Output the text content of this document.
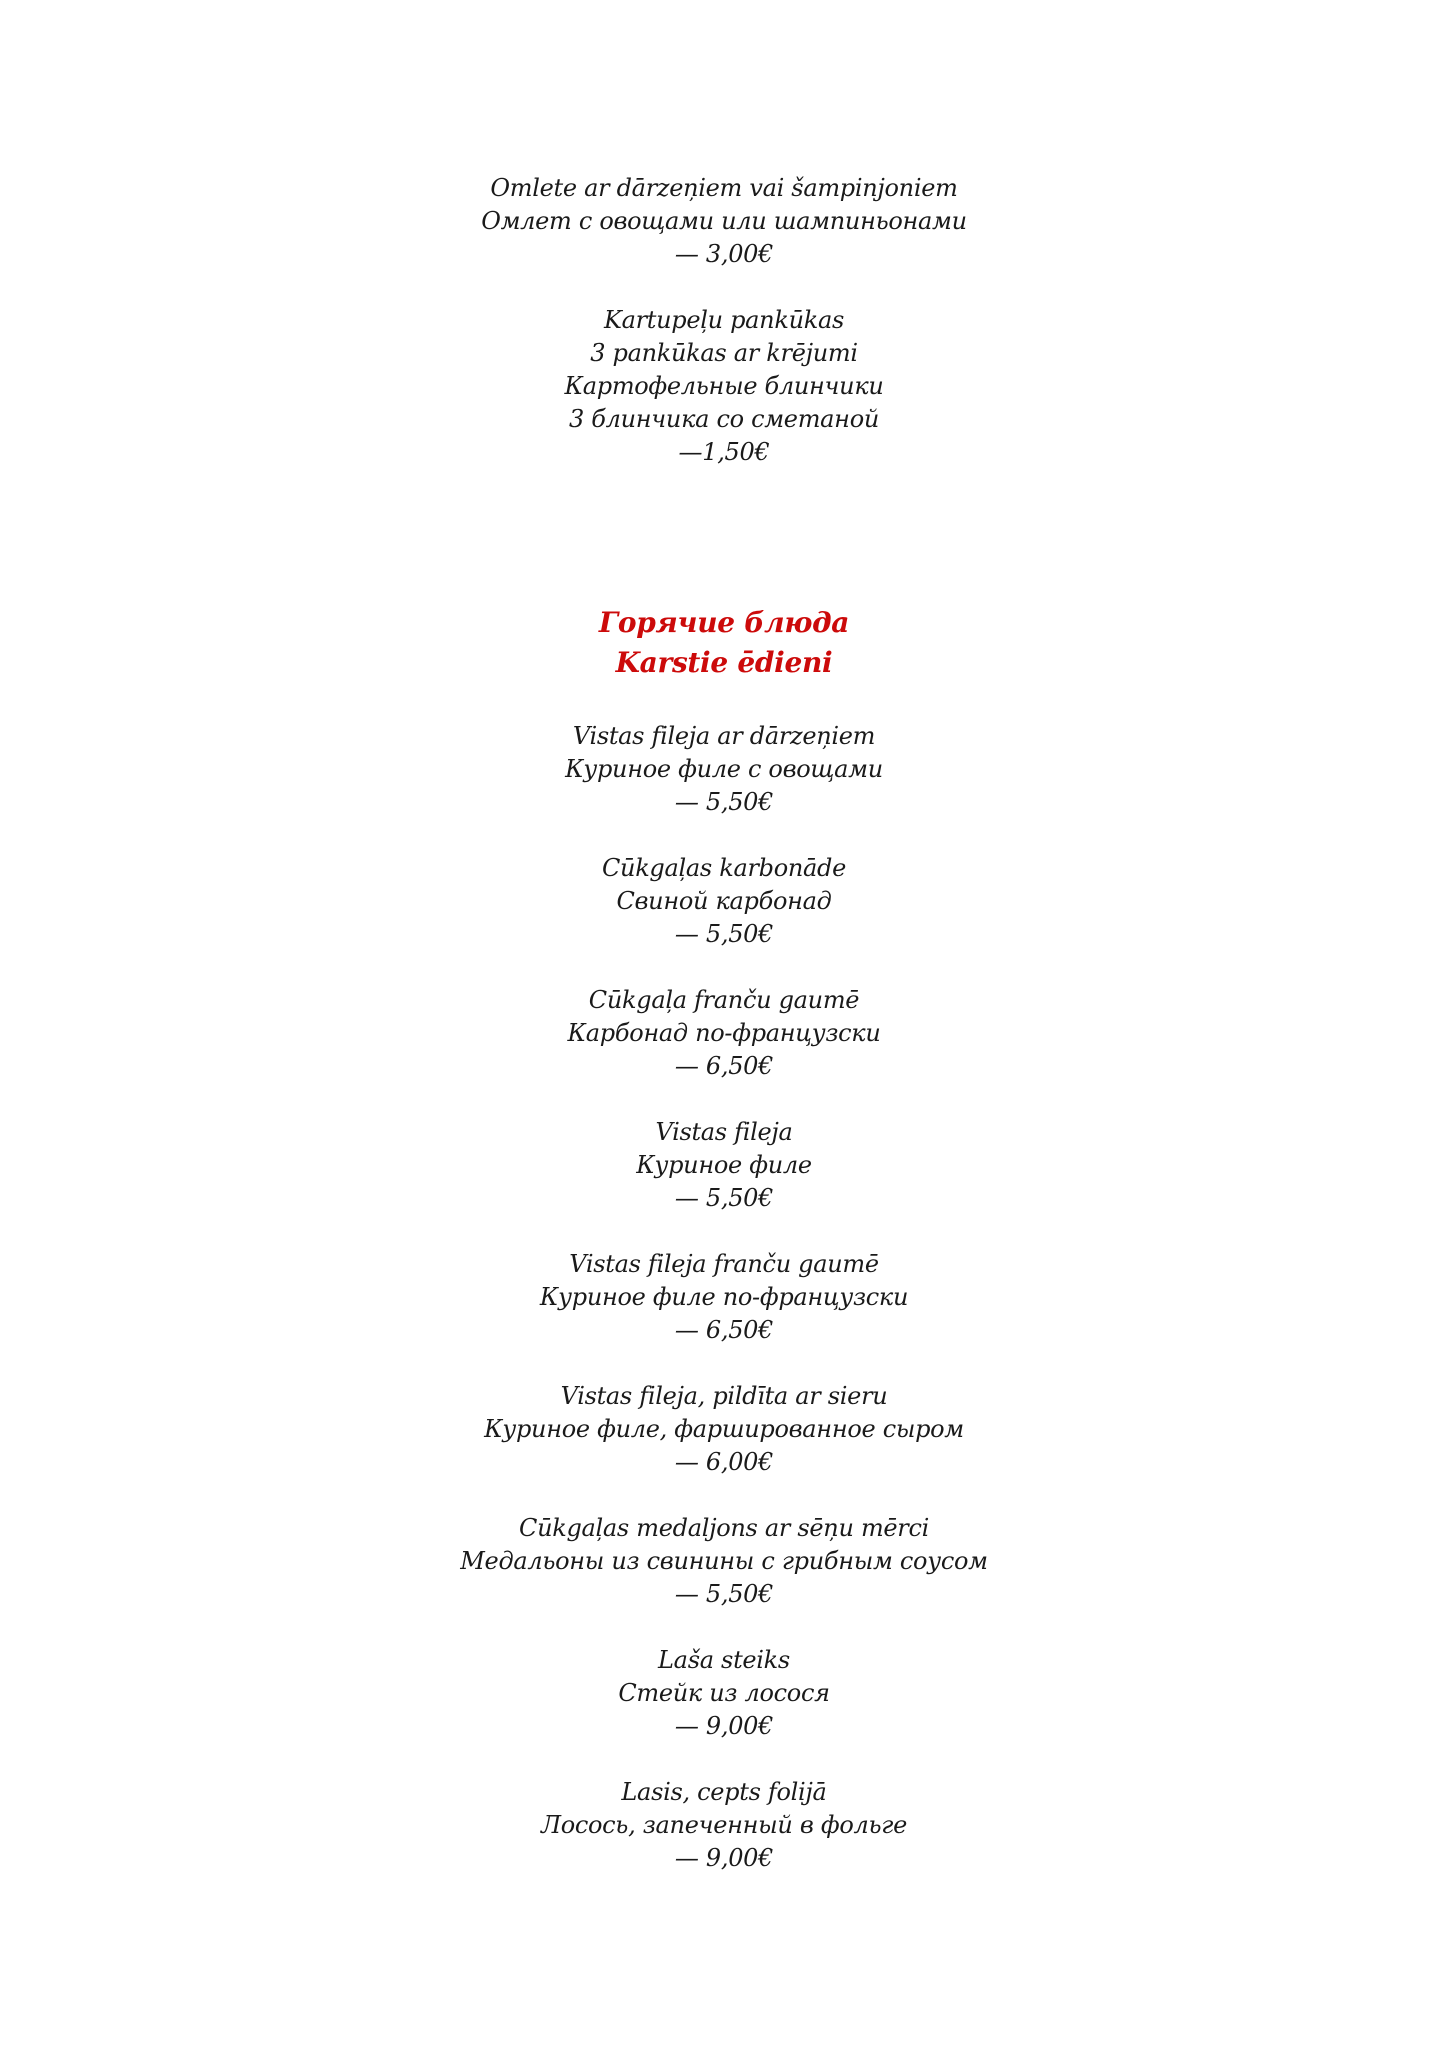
Omlete ar dārzeņiem vai šampinjoniem
Омлет с овощами или шампиньонами
— 3,00€
Kartupeļu pankūkas
3 pankūkas ar krējumi
Картофельные блинчики
3 блинчика со сметаной
—1,50€
Горячие блюда
Karstie ēdieni
Vistas fileja ar dārzeņiem
Куриное филе с овощами
— 5,50€
Cūkgaļas karbonāde
Свиной карбонад
— 5,50€
Cūkgaļa franču gaumē
Карбонад по-французски
— 6,50€
Vistas fileja
Куриное филе
— 5,50€
Vistas fileja franču gaumē
Куриное филе по-французски
— 6,50€
Vistas fileja, pildīta ar sieru
Куриное филе, фаршированное сыром
— 6,00€
Cūkgaļas medaljons ar sēņu mērci
Медальоны из свинины с грибным соусом
— 5,50€
Laša steiks
Стейк из лосося
— 9,00€
Lasis, cepts folijā
Лосось, запеченный в фольге
— 9,00€
